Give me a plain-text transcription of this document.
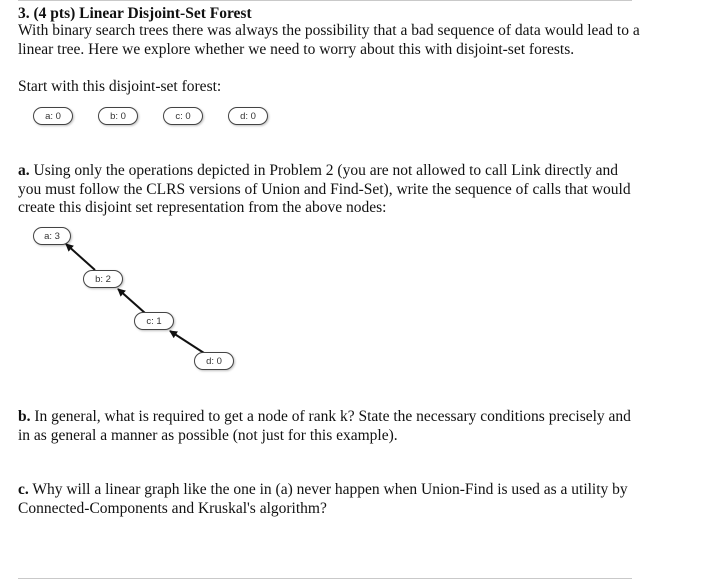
3. (4 pts) Linear Disjoint-Set Forest
With binary search trees there was always the possibility that a bad sequence of data would lead to a linear tree. Here we explore whether we need to worry about this with disjoint-set forests.
Start with this disjoint-set forest:
a: 0	b: 0	c: 0	d: 0
a. Using only the operations depicted in Problem 2 (you are not allowed to call Link directly and you must follow the CLRS versions of Union and Find-Set), write the sequence of calls that would create this disjoint set representation from the above nodes:
a: 3
b: 2
c: 1
d: 0
b. In general, what is required to get a node of rank k? State the necessary conditions precisely and in as general a manner as possible (not just for this example).
c. Why will a linear graph like the one in (a) never happen when Union-Find is used as a utility by Connected-Components and Kruskal's algorithm?
